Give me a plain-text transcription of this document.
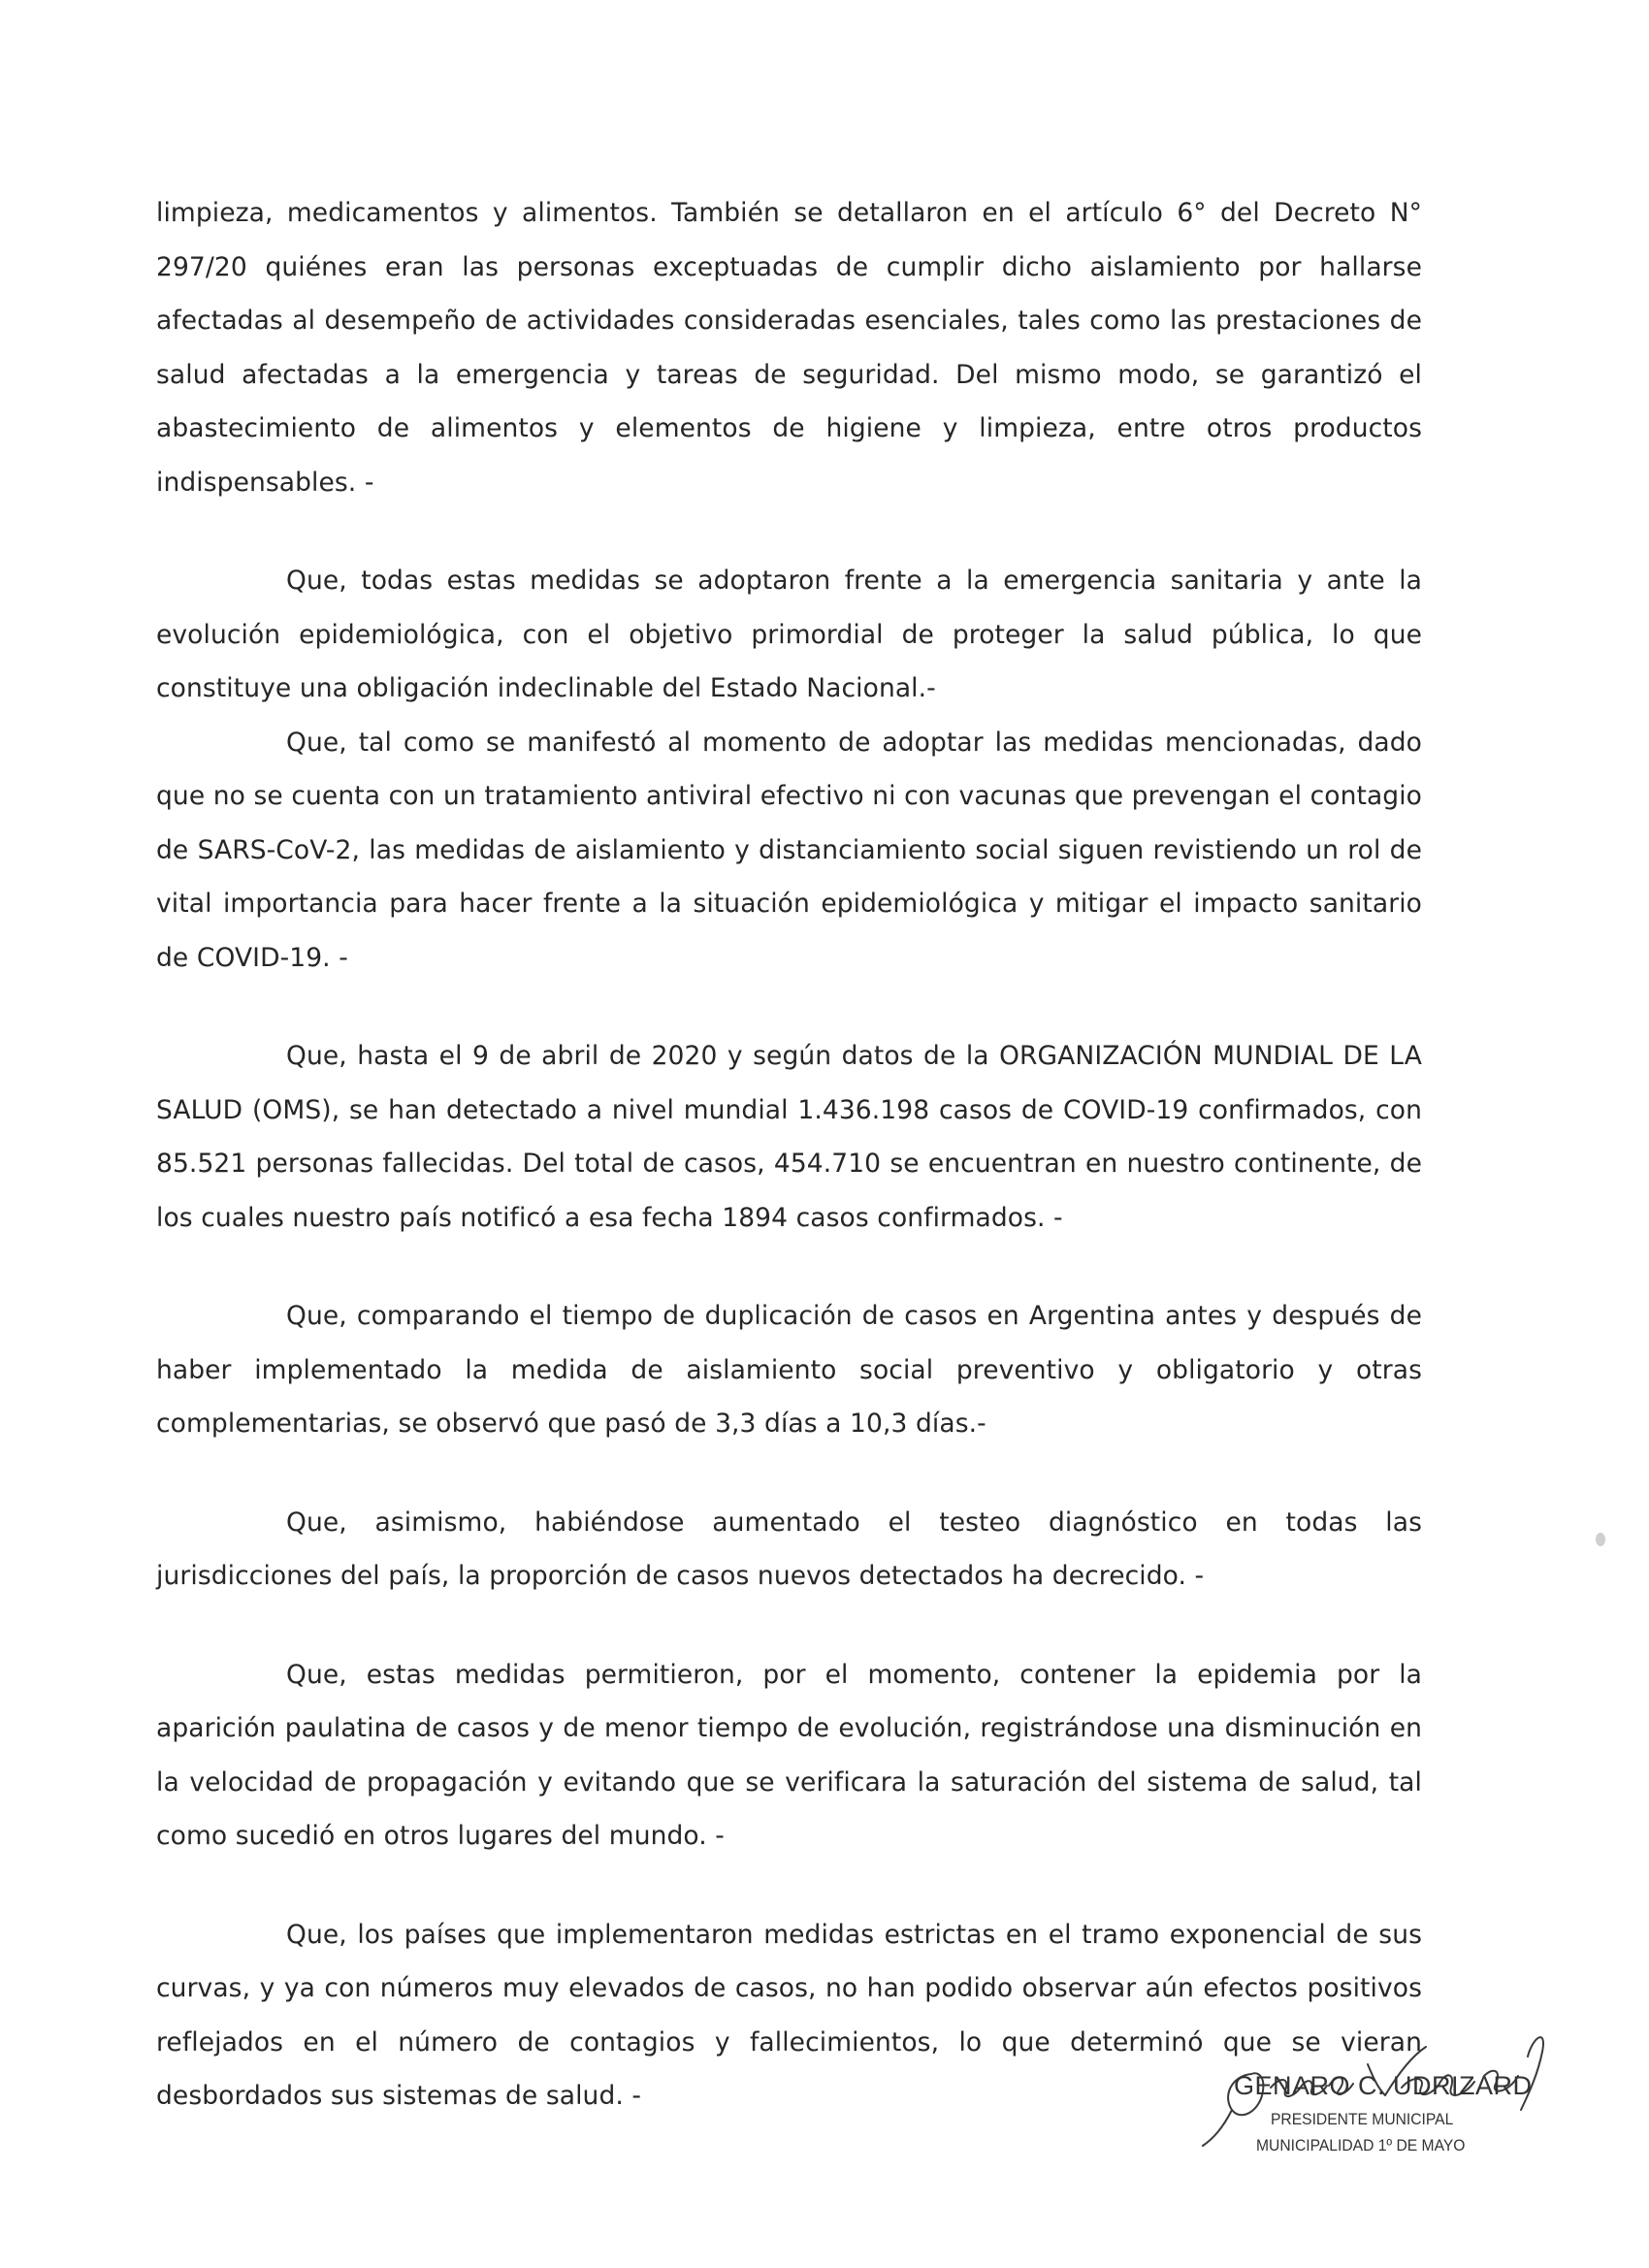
limpieza, medicamentos y alimentos. También se detallaron en el artículo 6° del Decreto N° 297/20 quiénes eran las personas exceptuadas de cumplir dicho aislamiento por hallarse afectadas al desempeño de actividades consideradas esenciales, tales como las prestaciones de salud afectadas a la emergencia y tareas de seguridad. Del mismo modo, se garantizó el abastecimiento de alimentos y elementos de higiene y limpieza, entre otros productos indispensables. -

Que, todas estas medidas se adoptaron frente a la emergencia sanitaria y ante la evolución epidemiológica, con el objetivo primordial de proteger la salud pública, lo que constituye una obligación indeclinable del Estado Nacional.-

Que, tal como se manifestó al momento de adoptar las medidas mencionadas, dado que no se cuenta con un tratamiento antiviral efectivo ni con vacunas que prevengan el contagio de SARS-CoV-2, las medidas de aislamiento y distanciamiento social siguen revistiendo un rol de vital importancia para hacer frente a la situación epidemiológica y mitigar el impacto sanitario de COVID-19. -

Que, hasta el 9 de abril de 2020 y según datos de la ORGANIZACIÓN MUNDIAL DE LA SALUD (OMS), se han detectado a nivel mundial 1.436.198 casos de COVID-19 confirmados, con 85.521 personas fallecidas. Del total de casos, 454.710 se encuentran en nuestro continente, de los cuales nuestro país notificó a esa fecha 1894 casos confirmados. -

Que, comparando el tiempo de duplicación de casos en Argentina antes y después de haber implementado la medida de aislamiento social preventivo y obligatorio y otras complementarias, se observó que pasó de 3,3 días a 10,3 días.-

Que, asimismo, habiéndose aumentado el testeo diagnóstico en todas las jurisdicciones del país, la proporción de casos nuevos detectados ha decrecido. -

Que, estas medidas permitieron, por el momento, contener la epidemia por la aparición paulatina de casos y de menor tiempo de evolución, registrándose una disminución en la velocidad de propagación y evitando que se verificara la saturación del sistema de salud, tal como sucedió en otros lugares del mundo. -

Que, los países que implementaron medidas estrictas en el tramo exponencial de sus curvas, y ya con números muy elevados de casos, no han podido observar aún efectos positivos reflejados en el número de contagios y fallecimientos, lo que determinó que se vieran desbordados sus sistemas de salud. -	GENARO C. UDRIZARD
PRESIDENTE MUNICIPAL
MUNICIPALIDAD 1º DE MAYO
